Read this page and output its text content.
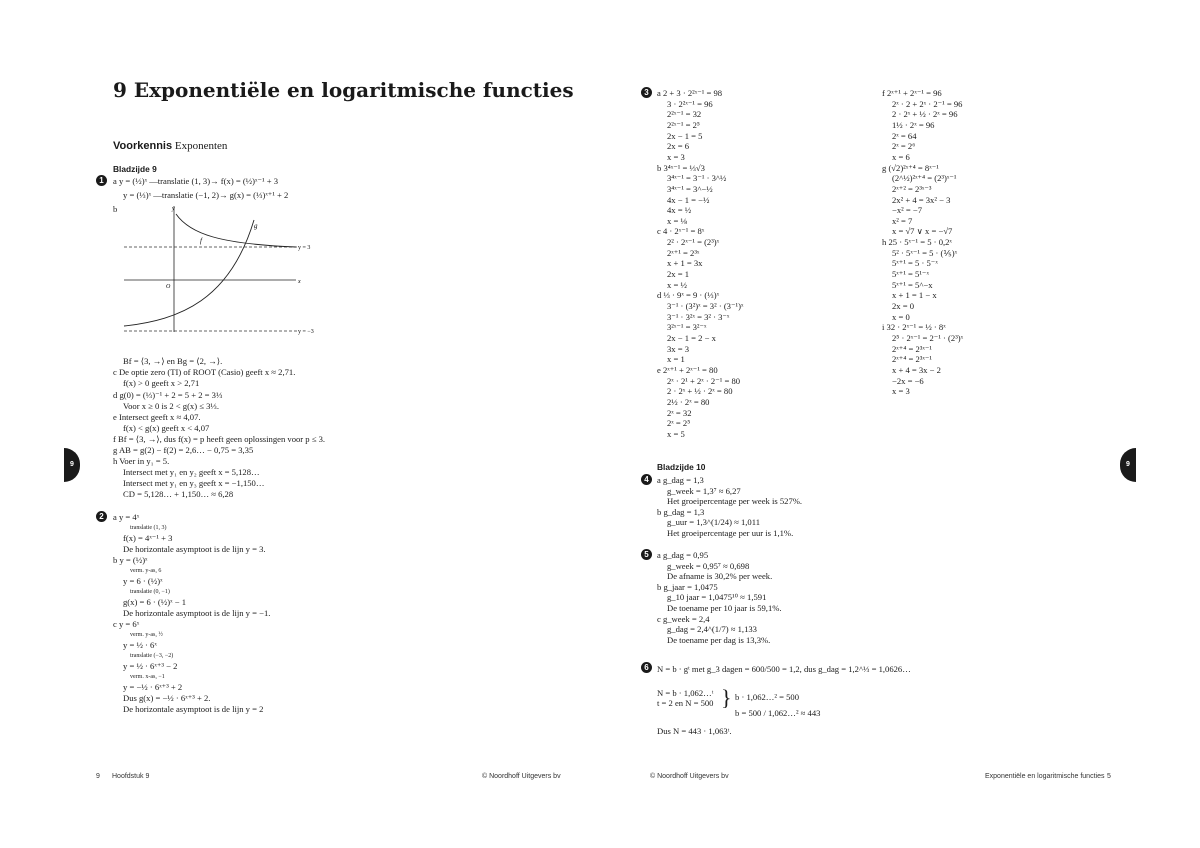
9 Exponentiële en logaritmische functies
Voorkennis Exponenten
Bladzijde 9
1	a y = (½)ˣ —translatie (1, 3)→ f(x) = (½)ˣ⁻¹ + 3
y = (⅓)ˣ —translatie (−1, 2)→ g(x) = (⅓)ˣ⁺¹ + 2
b
f
g
x
y
O
y = 3
y = −3
Bf = ⟨3, →⟩ en Bg = ⟨2, →⟩.
c De optie zero (TI) of ROOT (Casio) geeft x ≈ 2,71.
f(x) > 0 geeft x > 2,71
d g(0) = (⅓)⁻¹ + 2 = 5 + 2 = 3⅓
Voor x ≥ 0 is 2 < g(x) ≤ 3⅓.
e Intersect geeft x ≈ 4,07.
f(x) < g(x) geeft x < 4,07
f Bf = ⟨3, →⟩, dus f(x) = p heeft geen oplossingen voor p ≤ 3.
g AB = g(2) − f(2) = 2,6… − 0,75 = 3,35
h Voer in y₁ = 5.
Intersect met y₁ en y₂ geeft x = 5,128…
Intersect met y₁ en y₃ geeft x = −1,150…
CD = 5,128… + 1,150… ≈ 6,28
2	a y = 4ˣ
translatie (1, 3)
f(x) = 4ˣ⁻¹ + 3
De horizontale asymptoot is de lijn y = 3.
b y = (½)ˣ
verm. y-as, 6
y = 6 · (½)ˣ
translatie (0, −1)
g(x) = 6 · (½)ˣ − 1
De horizontale asymptoot is de lijn y = −1.
c y = 6ˣ
verm. y-as, ½
y = ½ · 6ˣ
translatie (−3, −2)
y = ½ · 6ˣ⁺³ − 2
verm. x-as, −1
y = −½ · 6ˣ⁺³ + 2
Dus g(x) = −½ · 6ˣ⁺³ + 2.
De horizontale asymptoot is de lijn y = 2
3 a 2 + 3 · 2²ˣ⁻¹ = 98
3 · 2²ˣ⁻¹ = 96
2²ˣ⁻¹ = 32
2²ˣ⁻¹ = 2⁵
2x − 1 = 5
2x = 6
x = 3
b 3⁴ˣ⁻¹ = ⅓√3
3⁴ˣ⁻¹ = 3⁻¹ · 3^½
3⁴ˣ⁻¹ = 3^−½
4x − 1 = −½
4x = ½
x = ⅛
c 4 · 2ˣ⁻¹ = 8ˣ
2² · 2ˣ⁻¹ = (2³)ˣ
2ˣ⁺¹ = 2³ˣ
x + 1 = 3x
2x = 1
x = ½
d ⅓ · 9ˣ = 9 · (⅓)ˣ
3⁻¹ · (3²)ˣ = 3² · (3⁻¹)ˣ
3⁻¹ · 3²ˣ = 3² · 3⁻ˣ
3²ˣ⁻¹ = 3²⁻ˣ
2x − 1 = 2 − x
3x = 3
x = 1
e 2ˣ⁺¹ + 2ˣ⁻¹ = 80
2ˣ · 2¹ + 2ˣ · 2⁻¹ = 80
2 · 2ˣ + ½ · 2ˣ = 80
2½ · 2ˣ = 80
2ˣ = 32
2ˣ = 2⁵
x = 5
f 2ˣ⁺¹ + 2ˣ⁻¹ = 96
2ˣ · 2 + 2ˣ · 2⁻¹ = 96
2 · 2ˣ + ½ · 2ˣ = 96
1½ · 2ˣ = 96
2ˣ = 64
2ˣ = 2⁶
x = 6
g (√2)²ˣ⁺⁴ = 8ˣ⁻¹
(2^½)²ˣ⁺⁴ = (2³)ˣ⁻¹
2ˣ⁺² = 2³ˣ⁻³
2x² + 4 = 3x² − 3
−x² = −7
x² = 7
x = √7 ∨ x = −√7
h 25 · 5ˣ⁻¹ = 5 · 0,2ˣ
5² · 5ˣ⁻¹ = 5 · (⅕)ˣ
5ˣ⁺¹ = 5 · 5⁻ˣ
5ˣ⁺¹ = 5¹⁻ˣ
5ˣ⁺¹ = 5^−x
x + 1 = 1 − x
2x = 0
x = 0
i 32 · 2ˣ⁻¹ = ½ · 8ˣ
2⁵ · 2ˣ⁻¹ = 2⁻¹ · (2³)ˣ
2ˣ⁺⁴ = 2³ˣ⁻¹
2ˣ⁺⁴ = 2³ˣ⁻¹
x + 4 = 3x − 2
−2x = −6
x = 3
Bladzijde 10
4 a g_dag = 1,3
g_week = 1,3⁷ ≈ 6,27
Het groeipercentage per week is 527%.
b g_dag = 1,3
g_uur = 1,3^(1/24) ≈ 1,011
Het groeipercentage per uur is 1,1%.
5 a g_dag = 0,95
g_week = 0,95⁷ ≈ 0,698
De afname is 30,2% per week.
b g_jaar = 1,0475
g_10 jaar = 1,0475¹⁰ ≈ 1,591
De toename per 10 jaar is 59,1%.
c g_week = 2,4
g_dag = 2,4^(1/7) ≈ 1,133
De toename per dag is 13,3%.
6 N = b · gᵗ met g_3 dagen = 600/500 = 1,2, dus g_dag = 1,2^⅓ = 1,0626…
N = b · 1,062…ᵗ
t = 2 en N = 500 } b · 1,062…² = 500
b = 500 / 1,062…² ≈ 443
Dus N = 443 · 1,063ᵗ.
9	9
9 Hoofdstuk 9	© Noordhoff Uitgevers bv	© Noordhoff Uitgevers bv	Exponentiële en logaritmische functies 5
